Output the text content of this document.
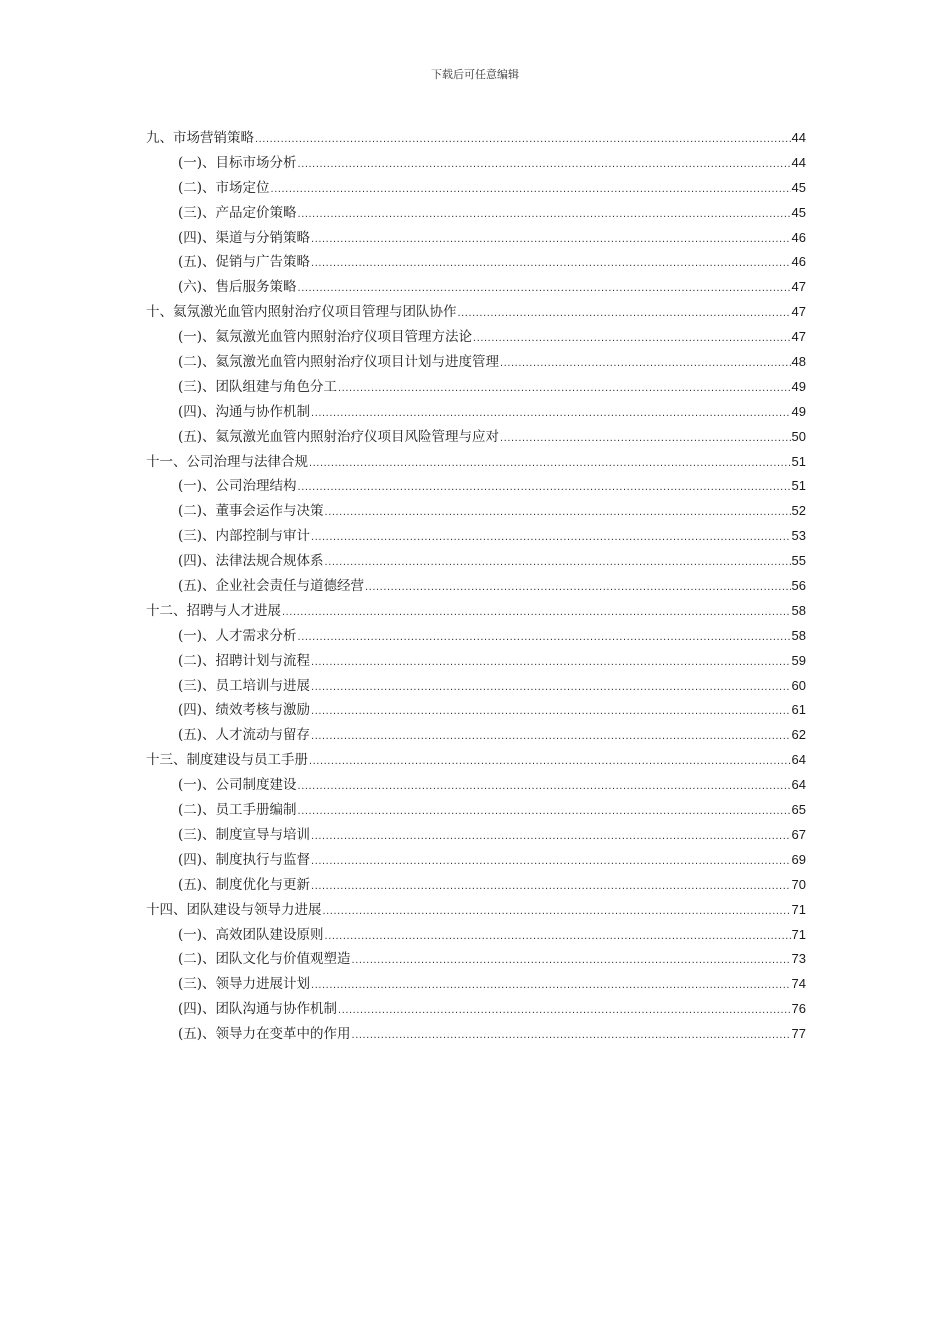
下载后可任意编辑
九、市场营销策略 .....	44
(一)、目标市场分析 .....	44
(二)、市场定位 .....	45
(三)、产品定价策略 .....	45
(四)、渠道与分销策略 .....	46
(五)、促销与广告策略 .....	46
(六)、售后服务策略 .....	47
十、氦氖激光血管内照射治疗仪项目管理与团队协作 .....	47
(一)、氦氖激光血管内照射治疗仪项目管理方法论 .....	47
(二)、氦氖激光血管内照射治疗仪项目计划与进度管理 .....	48
(三)、团队组建与角色分工 .....	49
(四)、沟通与协作机制 .....	49
(五)、氦氖激光血管内照射治疗仪项目风险管理与应对 .....	50
十一、公司治理与法律合规 .....	51
(一)、公司治理结构 .....	51
(二)、董事会运作与决策 .....	52
(三)、内部控制与审计 .....	53
(四)、法律法规合规体系 .....	55
(五)、企业社会责任与道德经营 .....	56
十二、招聘与人才进展 .....	58
(一)、人才需求分析 .....	58
(二)、招聘计划与流程 .....	59
(三)、员工培训与进展 .....	60
(四)、绩效考核与激励 .....	61
(五)、人才流动与留存 .....	62
十三、制度建设与员工手册 .....	64
(一)、公司制度建设 .....	64
(二)、员工手册编制 .....	65
(三)、制度宣导与培训 .....	67
(四)、制度执行与监督 .....	69
(五)、制度优化与更新 .....	70
十四、团队建设与领导力进展 .....	71
(一)、高效团队建设原则 .....	71
(二)、团队文化与价值观塑造 .....	73
(三)、领导力进展计划 .....	74
(四)、团队沟通与协作机制 .....	76
(五)、领导力在变革中的作用 .....	77
